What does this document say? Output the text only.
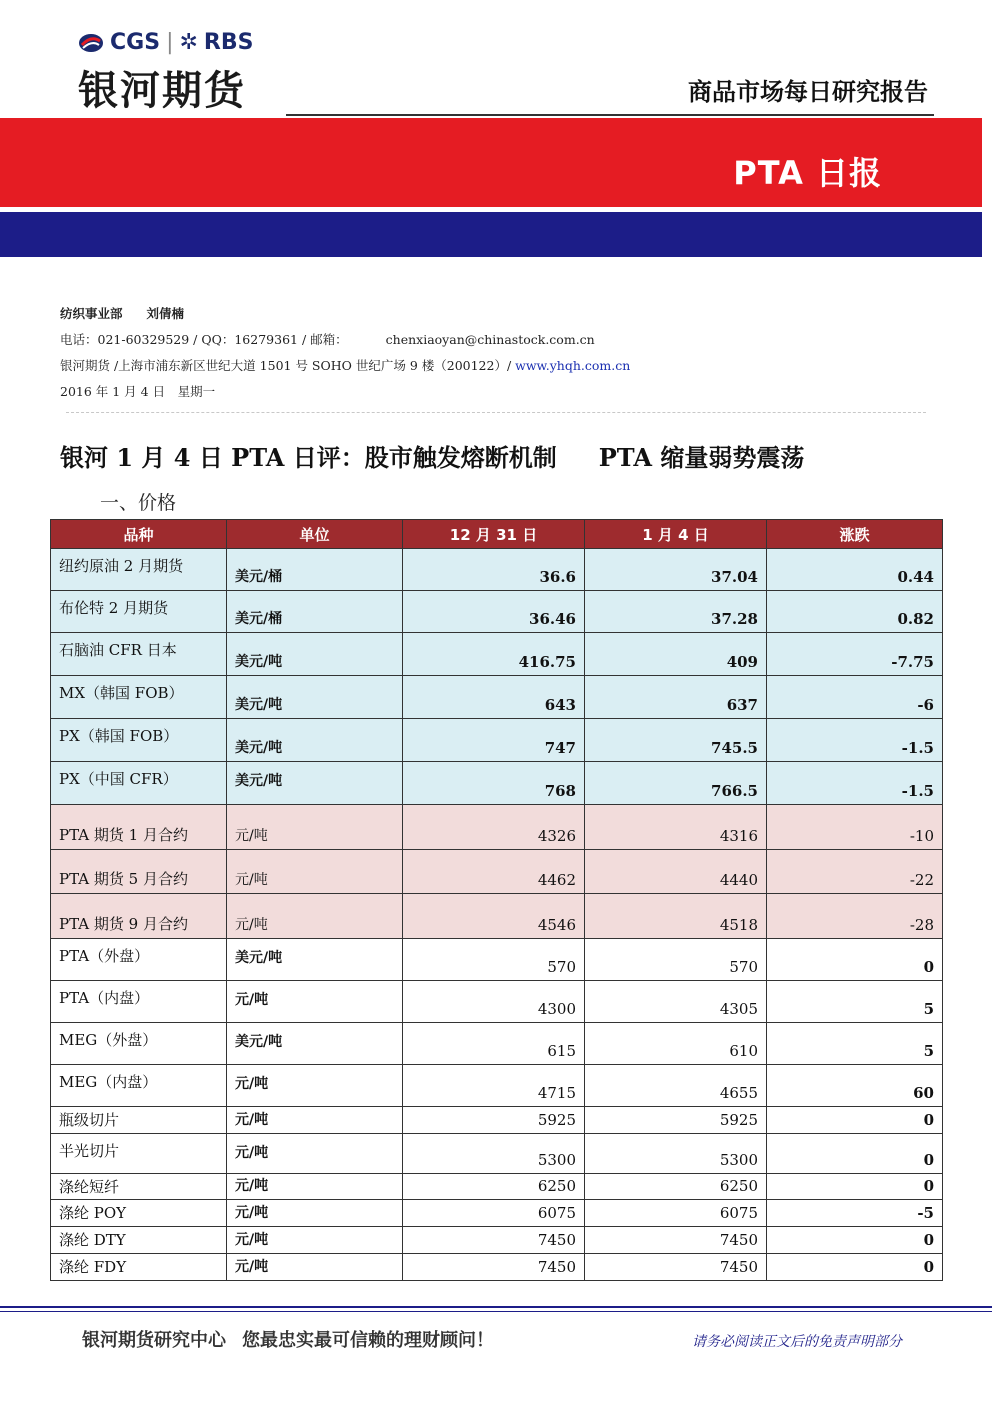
CGS | ✲ RBS
银河期货	商品市场每日研究报告
PTA 日报
纺织事业部 刘倩楠
电话：021-60329529 / QQ：16279361 / 邮箱：	chenxiaoyan@chinastock.com.cn
银河期货 /上海市浦东新区世纪大道 1501 号 SOHO 世纪广场 9 楼（200122）/ www.yhqh.com.cn
2016 年 1 月 4 日　星期一
银河 1 月 4 日 PTA 日评：股市触发熔断机制 PTA 缩量弱势震荡
一、价格
品种	单位	12 月 31 日	1 月 4 日	涨跌
纽约原油 2 月期货	美元/桶	36.6	37.04	0.44
布伦特 2 月期货	美元/桶	36.46	37.28	0.82
石脑油 CFR 日本	美元/吨	416.75	409	-7.75
MX（韩国 FOB）	美元/吨	643	637	-6
PX（韩国 FOB）	美元/吨	747	745.5	-1.5
PX（中国 CFR）	美元/吨	768	766.5	-1.5
PTA 期货 1 月合约	元/吨	4326	4316	-10
PTA 期货 5 月合约	元/吨	4462	4440	-22
PTA 期货 9 月合约	元/吨	4546	4518	-28
PTA（外盘）	美元/吨	570	570	0
PTA（内盘）	元/吨	4300	4305	5
MEG（外盘）	美元/吨	615	610	5
MEG（内盘）	元/吨	4715	4655	60
瓶级切片	元/吨	5925	5925	0
半光切片	元/吨	5300	5300	0
涤纶短纤	元/吨	6250	6250	0
涤纶 POY	元/吨	6075	6075	-5
涤纶 DTY	元/吨	7450	7450	0
涤纶 FDY	元/吨	7450	7450	0
银河期货研究中心 您最忠实最可信赖的理财顾问！	请务必阅读正文后的免责声明部分
